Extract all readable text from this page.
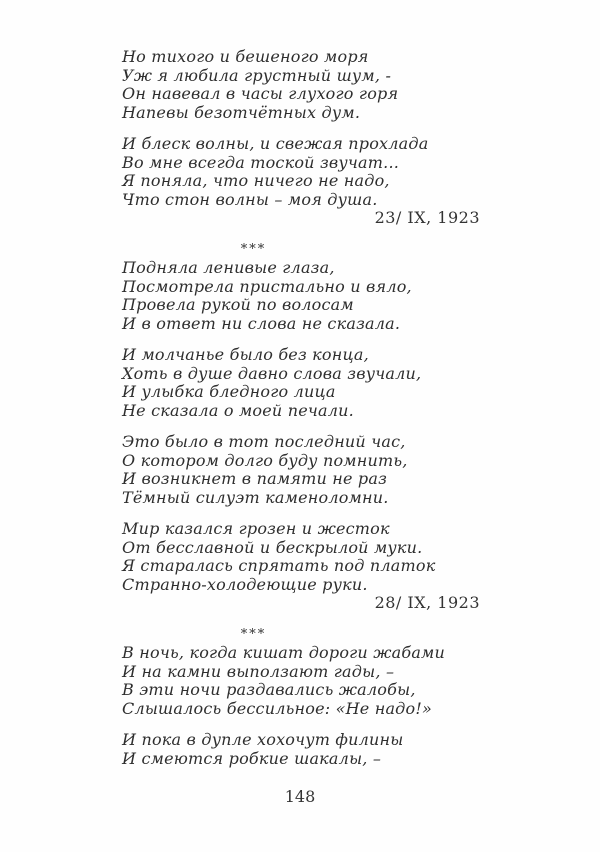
Но тихого и бешеного моря
Уж я любила грустный шум, -
Он навевал в часы глухого горя
Напевы безотчётных дум.
И блеск волны, и свежая прохлада
Во мне всегда тоской звучат...
Я поняла, что ничего не надо,
Что стон волны – моя душа.
23/ IX, 1923
***
Подняла ленивые глаза,
Посмотрела пристально и вяло,
Провела рукой по волосам
И в ответ ни слова не сказала.
И молчанье было без конца,
Хоть в душе давно слова звучали,
И улыбка бледного лица
Не сказала о моей печали.
Это было в тот последний час,
О котором долго буду помнить,
И возникнет в памяти не раз
Тёмный силуэт каменоломни.
Мир казался грозен и жесток
От бесславной и бескрылой муки.
Я старалась спрятать под платок
Странно-холодеющие руки.
28/ IX, 1923
***
В ночь, когда кишат дороги жабами
И на камни выползают гады, –
В эти ночи раздавались жалобы,
Слышалось бессильное: «Не надо!»
И пока в дупле хохочут филины
И смеются робкие шакалы, –
148
